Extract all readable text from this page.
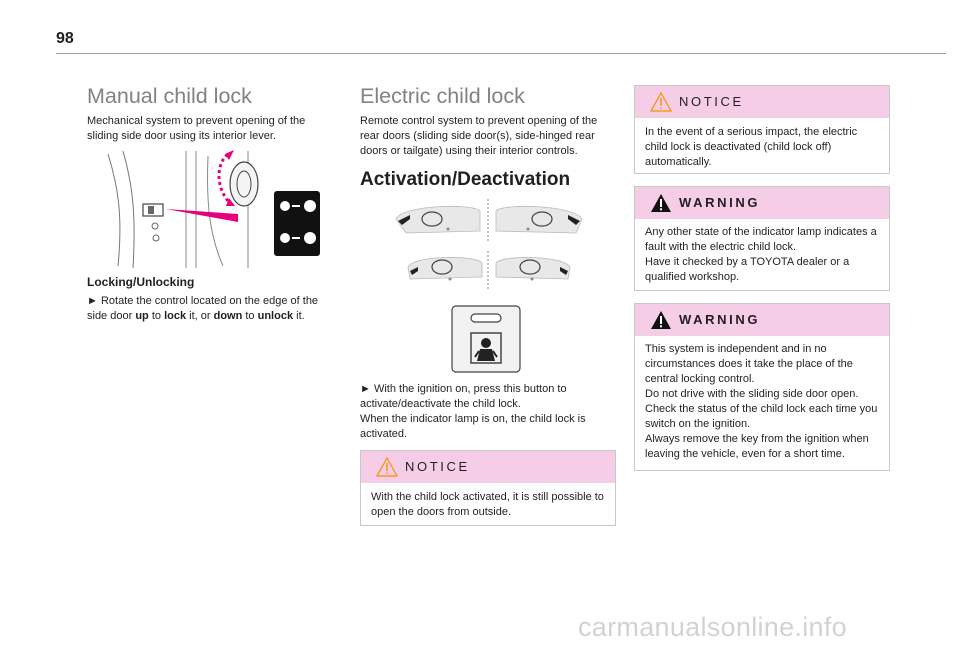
98
Manual child lock

Mechanical system to prevent opening of the sliding side door using its interior lever.

Locking/Unlocking

► Rotate the control located on the edge of the side door up to lock it, or down to unlock it.

Electric child lock

Remote control system to prevent opening of the rear doors (sliding side door(s), side-hinged rear doors or tailgate) using their interior controls.

Activation/Deactivation

► With the ignition on, press this button to activate/deactivate the child lock.
When the indicator lamp is on, the child lock is activated.

NOTICE
With the child lock activated, it is still possible to open the doors from outside.
NOTICE
In the event of a serious impact, the electric child lock is deactivated (child lock off) automatically.
WARNING
Any other state of the indicator lamp indicates a fault with the electric child lock.
Have it checked by a TOYOTA dealer or a qualified workshop.
WARNING
This system is independent and in no circumstances does it take the place of the central locking control.
Do not drive with the sliding side door open.
Check the status of the child lock each time you switch on the ignition.
Always remove the key from the ignition when leaving the vehicle, even for a short time.
carmanualsonline.info
